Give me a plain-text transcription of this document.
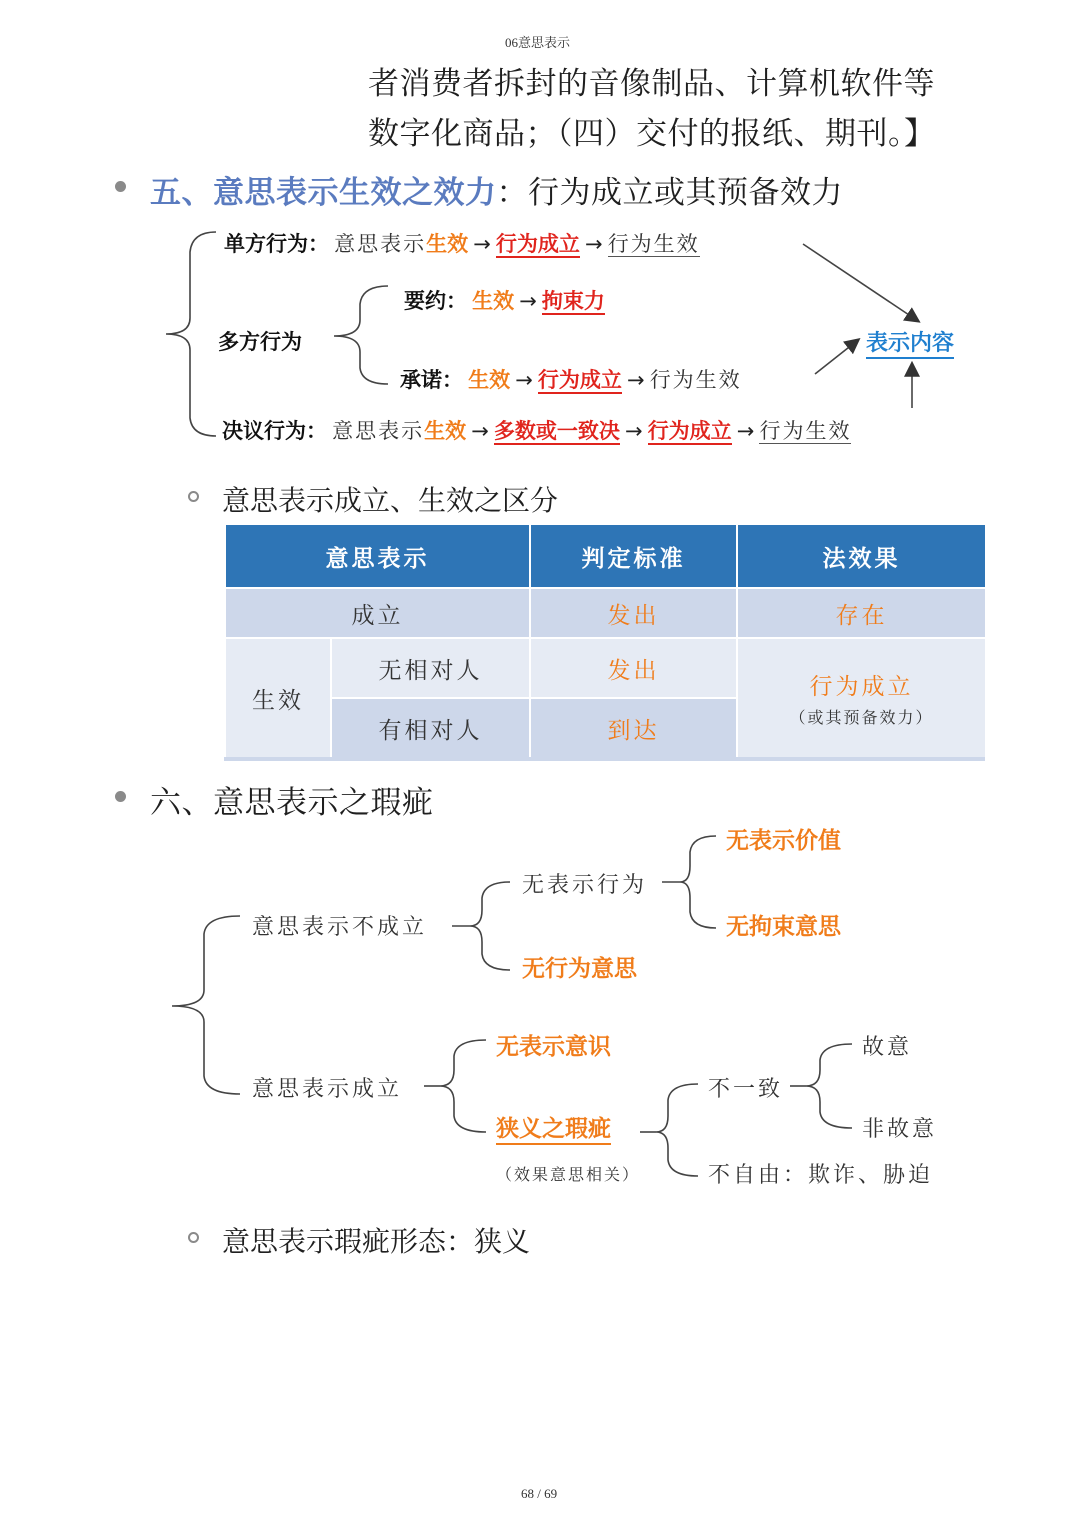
06意思表示
者消费者拆封的音像制品、计算机软件等
数字化商品；（四）交付的报纸、期刊。】
五、意思表示生效之效力：行为成立或其预备效力
单方行为： 意思表示生效 → 行为成立 → 行为生效
多方行为
要约： 生效 → 拘束力
承诺： 生效 → 行为成立 → 行为生效
决议行为： 意思表示生效 → 多数或一致决 → 行为成立 → 行为生效
表示内容
意思表示成立、生效之区分
意思表示		判定标准	法效果
成立		发出	存在
生效	无相对人	发出	行为成立
（或其预备效力）

	有相对人	到达	
六、意思表示之瑕疵
意思表示不成立
无表示行为
无表示价值
无拘束意思
无行为意思
意思表示成立
无表示意识
狭义之瑕疵
（效果意思相关）
不一致
故意
非故意
不自由：欺诈、胁迫
意思表示瑕疵形态：狭义
68 / 69
